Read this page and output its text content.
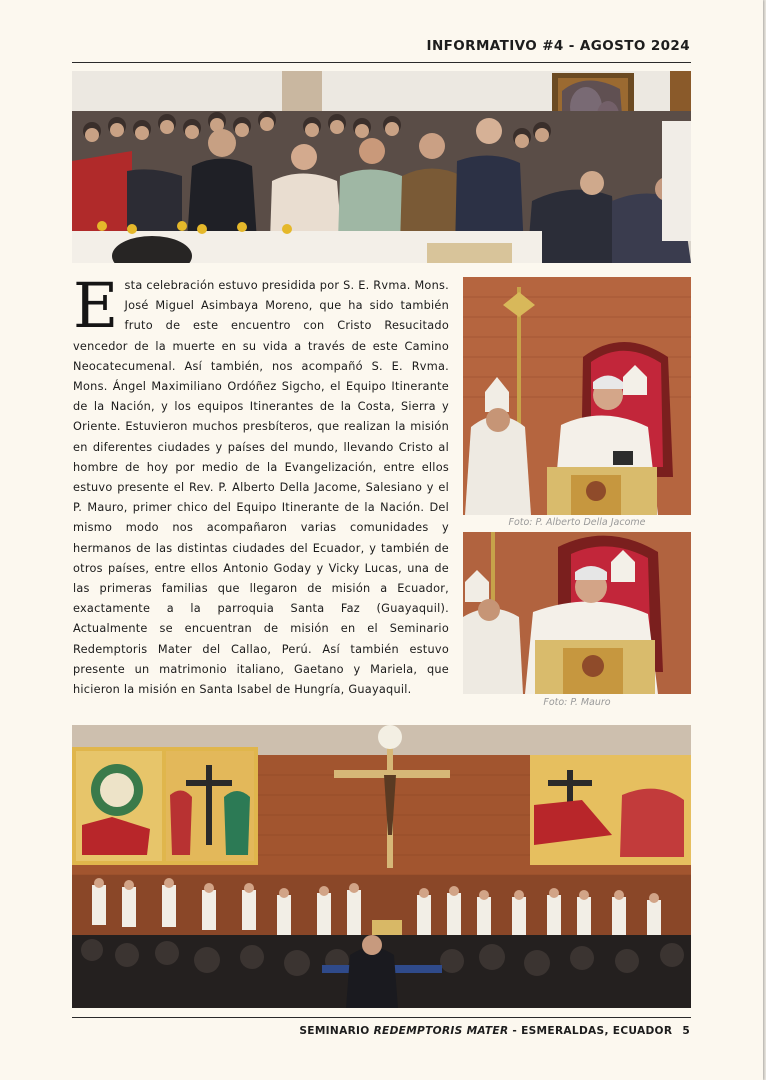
INFORMATIVO #4 - AGOSTO 2024

Esta celebración estuvo presidida por S. E. Rvma. Mons. José Miguel Asimbaya Moreno, que ha sido también fruto de este encuentro con Cristo Resucitado vencedor de la muerte en su vida a través de este Camino Neocatecumenal. Así también, nos acompañó S. E. Rvma. Mons. Ángel Maximiliano Ordóñez Sigcho, el Equipo Itinerante de la Nación, y los equipos Itinerantes de la Costa, Sierra y Oriente. Estuvieron muchos presbíteros, que realizan la misión en diferentes ciudades y países del mundo, llevando Cristo al hombre de hoy por medio de la Evangelización, entre ellos estuvo presente el Rev. P. Alberto Della Jacome, Salesiano y el P. Mauro, primer chico del Equipo Itinerante de la Nación. Del mismo modo nos acompañaron varias comunidades y hermanos de las distintas ciudades del Ecuador, y también de otros países, entre ellos Antonio Goday y Vicky Lucas, una de las primeras familias que llegaron de misión a Ecuador, exactamente a la parroquia Santa Faz (Guayaquil). Actualmente se encuentran de misión en el Seminario Redemptoris Mater del Callao, Perú. Así también estuvo presente un matrimonio italiano, Gaetano y Mariela, que hicieron la misión en Santa Isabel de Hungría, Guayaquil.

Foto: P. Alberto Della Jacome
Foto: P. Mauro
SEMINARIO REDEMPTORIS MATER - ESMERALDAS, ECUADOR 5
